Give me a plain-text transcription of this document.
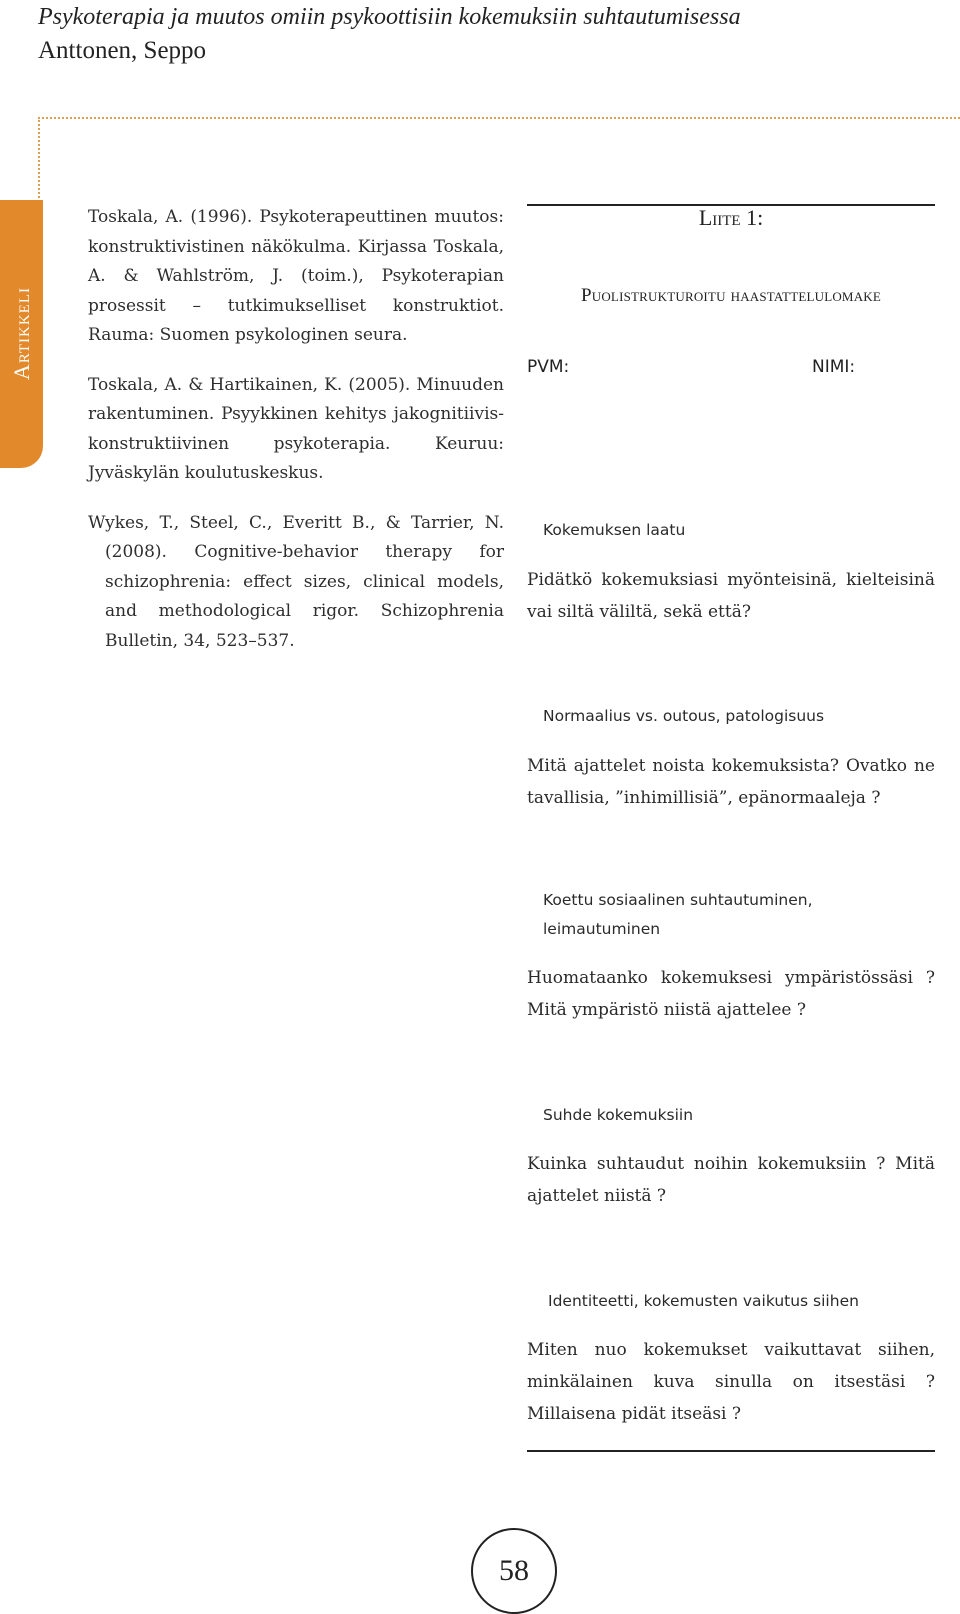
Psykoterapia ja muutos omiin psykoottisiin kokemuksiin suhtautumisessa
Anttonen, Seppo
Artikkeli
Toskala, A. (1996). Psykoterapeuttinen muutos: konstruktivistinen näkökulma. Kirjassa Toskala, A. & Wahlström, J. (toim.), Psykoterapian prosessit – tutkimukselliset konstruktiot. Rauma: Suomen psykologinen seura.
Toskala, A. & Hartikainen, K. (2005). Minuuden rakentuminen. Psyykkinen kehitys jakognitiivis-konstruktiivinen psykoterapia. Keuruu: Jyväskylän koulutuskeskus.
Wykes, T., Steel, C., Everitt B., & Tarrier, N. (2008). Cognitive-behavior therapy for schizophrenia: effect sizes, clinical models, and methodological rigor. Schizophrenia Bulletin, 34, 523–537.
Liite 1:
Puolistrukturoitu haastattelulomake
PVM:	NIMI:
Kokemuksen laatu
Pidätkö kokemuksiasi myönteisinä, kielteisinä vai siltä väliltä, sekä että?
Normaalius vs. outous, patologisuus
Mitä ajattelet noista kokemuksista? Ovatko ne tavallisia, ”inhimillisiä”, epänormaaleja ?
Koettu sosiaalinen suhtautuminen, leimautuminen
Huomataanko kokemuksesi ympäristössäsi ? Mitä ympäristö niistä ajattelee ?
Suhde kokemuksiin
Kuinka suhtaudut noihin kokemuksiin ? Mitä ajattelet niistä ?
Identiteetti, kokemusten vaikutus siihen
Miten nuo kokemukset vaikuttavat siihen, minkälainen kuva sinulla on itsestäsi ? Millaisena pidät itseäsi ?
58
